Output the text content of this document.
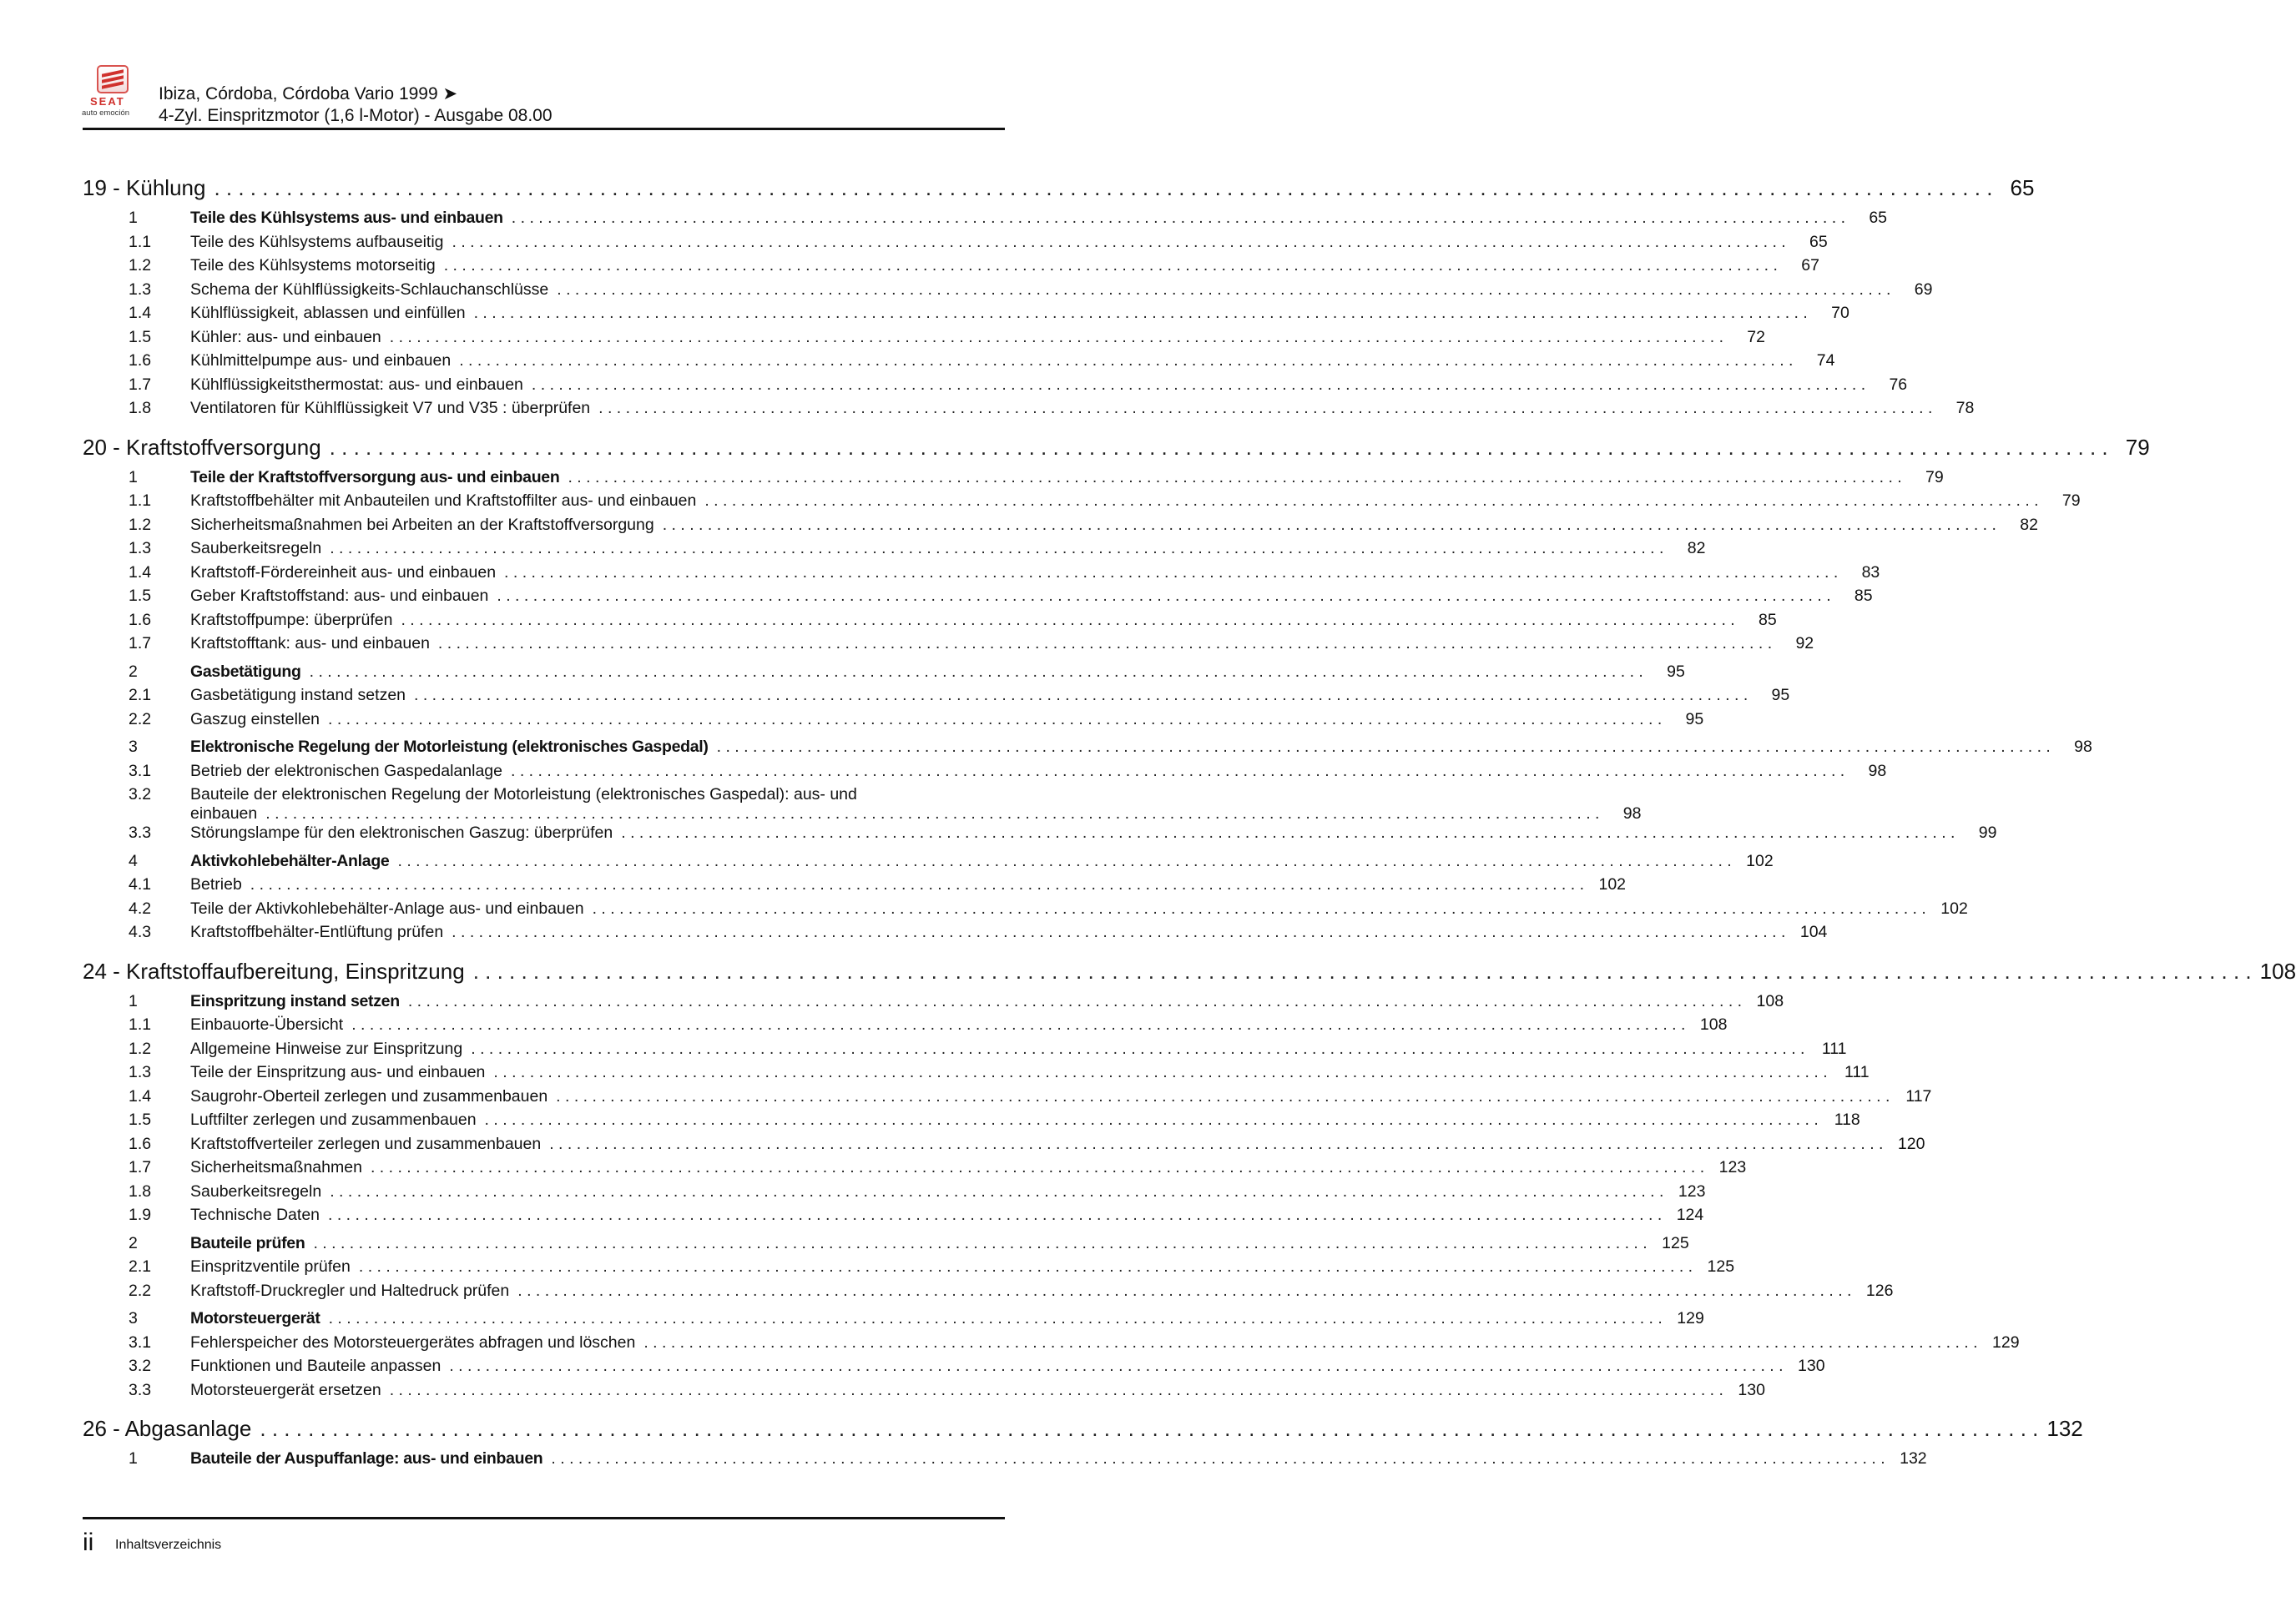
SEAT
auto emoción
Ibiza, Córdoba, Córdoba Vario 1999 ➤
4-Zyl. Einspritzmotor (1,6 l-Motor) - Ausgabe 08.00
19 - Kühlung . . .	65
1	Teile des Kühlsystems aus- und einbauen . . .	65
1.1	Teile des Kühlsystems aufbauseitig . . .	65
1.2	Teile des Kühlsystems motorseitig . . .	67
1.3	Schema der Kühlflüssigkeits-Schlauchanschlüsse . . .	69
1.4	Kühlflüssigkeit, ablassen und einfüllen . . .	70
1.5	Kühler: aus- und einbauen . . .	72
1.6	Kühlmittelpumpe aus- und einbauen . . .	74
1.7	Kühlflüssigkeitsthermostat: aus- und einbauen . . .	76
1.8	Ventilatoren für Kühlflüssigkeit V7 und V35 : überprüfen . . .	78
20 - Kraftstoffversorgung . . .	79
1	Teile der Kraftstoffversorgung aus- und einbauen . . .	79
1.1	Kraftstoffbehälter mit Anbauteilen und Kraftstoffilter aus- und einbauen . . .	79
1.2	Sicherheitsmaßnahmen bei Arbeiten an der Kraftstoffversorgung . . .	82
1.3	Sauberkeitsregeln . . .	82
1.4	Kraftstoff-Fördereinheit aus- und einbauen . . .	83
1.5	Geber Kraftstoffstand: aus- und einbauen . . .	85
1.6	Kraftstoffpumpe: überprüfen . . .	85
1.7	Kraftstofftank: aus- und einbauen . . .	92
2	Gasbetätigung . . .	95
2.1	Gasbetätigung instand setzen . . .	95
2.2	Gaszug einstellen . . .	95
3	Elektronische Regelung der Motorleistung (elektronisches Gaspedal) . . .	98
3.1	Betrieb der elektronischen Gaspedalanlage . . .	98
3.2	Bauteile der elektronischen Regelung der Motorleistung (elektronisches Gaspedal): aus- und
einbauen . . .	98
3.3	Störungslampe für den elektronischen Gaszug: überprüfen . . .	99
4	Aktivkohlebehälter-Anlage . . .	102
4.1	Betrieb . . .	102
4.2	Teile der Aktivkohlebehälter-Anlage aus- und einbauen . . .	102
4.3	Kraftstoffbehälter-Entlüftung prüfen . . .	104
24 - Kraftstoffaufbereitung, Einspritzung . . .	108
1	Einspritzung instand setzen . . .	108
1.1	Einbauorte-Übersicht . . .	108
1.2	Allgemeine Hinweise zur Einspritzung . . .	111
1.3	Teile der Einspritzung aus- und einbauen . . .	111
1.4	Saugrohr-Oberteil zerlegen und zusammenbauen . . .	117
1.5	Luftfilter zerlegen und zusammenbauen . . .	118
1.6	Kraftstoffverteiler zerlegen und zusammenbauen . . .	120
1.7	Sicherheitsmaßnahmen . . .	123
1.8	Sauberkeitsregeln . . .	123
1.9	Technische Daten . . .	124
2	Bauteile prüfen . . .	125
2.1	Einspritzventile prüfen . . .	125
2.2	Kraftstoff-Druckregler und Haltedruck prüfen . . .	126
3	Motorsteuergerät . . .	129
3.1	Fehlerspeicher des Motorsteuergerätes abfragen und löschen . . .	129
3.2	Funktionen und Bauteile anpassen . . .	130
3.3	Motorsteuergerät ersetzen . . .	130
26 - Abgasanlage . . .	132
1	Bauteile der Auspuffanlage: aus- und einbauen . . .	132
ii Inhaltsverzeichnis
